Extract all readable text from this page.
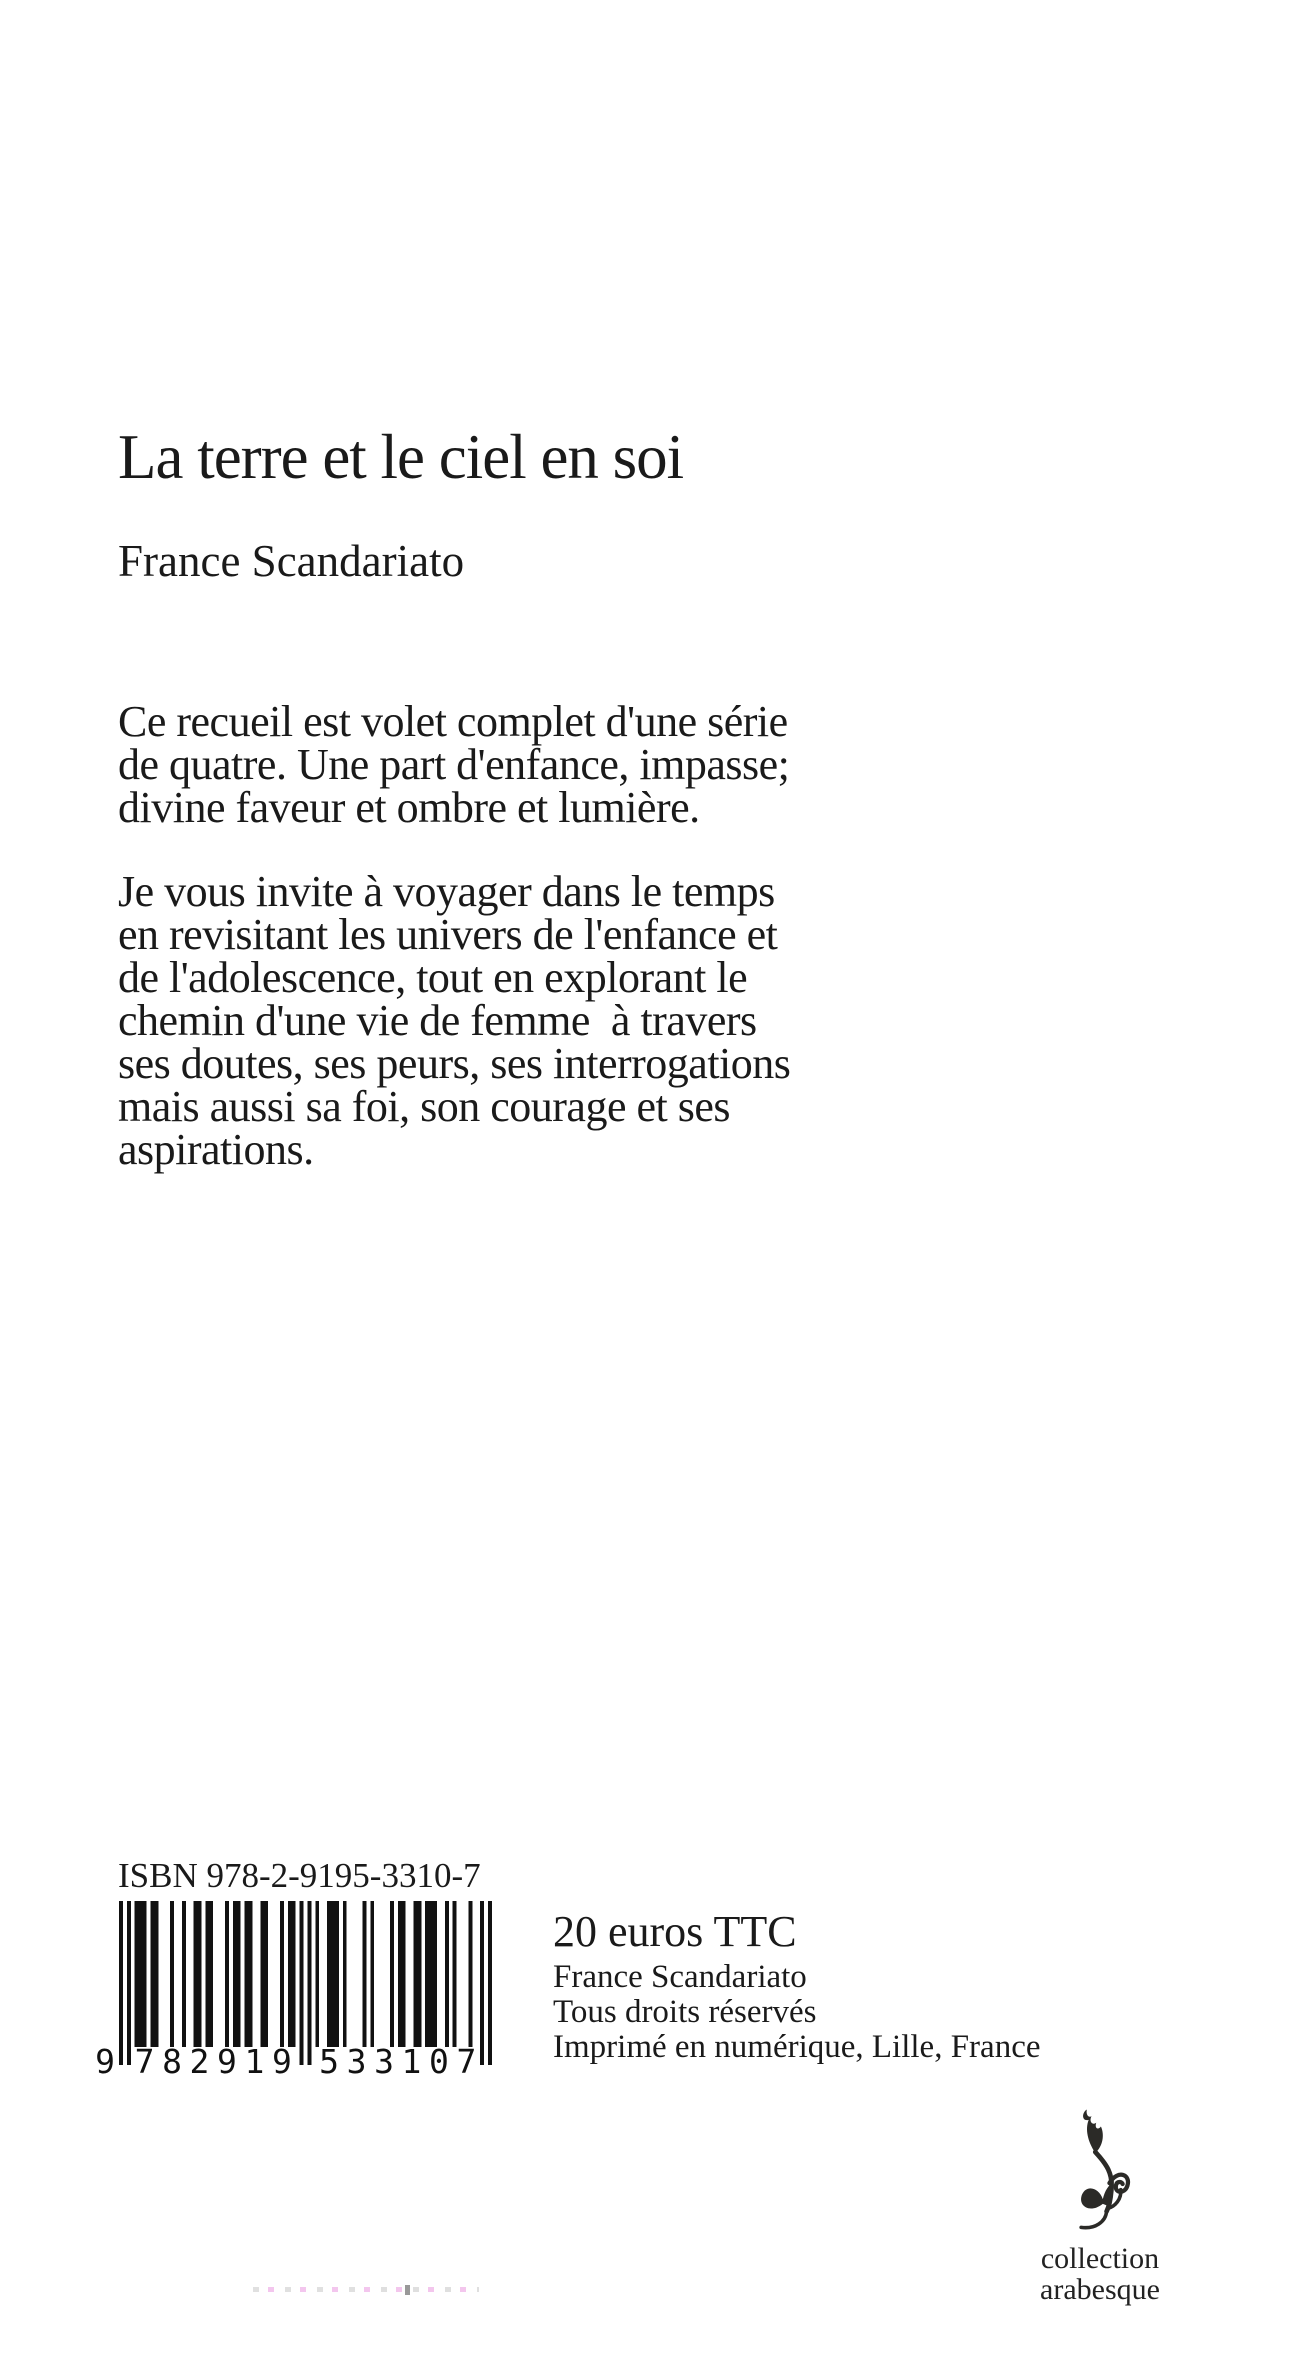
La terre et le ciel en soi
France Scandariato
Ce recueil est volet complet d'une série
de quatre. Une part d'enfance, impasse;
divine faveur et ombre et lumière.
Je vous invite à voyager dans le temps
en revisitant les univers de l'enfance et
de l'adolescence, tout en explorant le
chemin d'une vie de femme  à travers
ses doutes, ses peurs, ses interrogations
mais aussi sa foi, son courage et ses
aspirations.
ISBN 978-2-9195-3310-7
9 7 8 2 9 1 9 5 3 3 1 0 7
20 euros TTC
France Scandariato
Tous droits réservés
Imprimé en numérique, Lille, France
collection
arabesque
